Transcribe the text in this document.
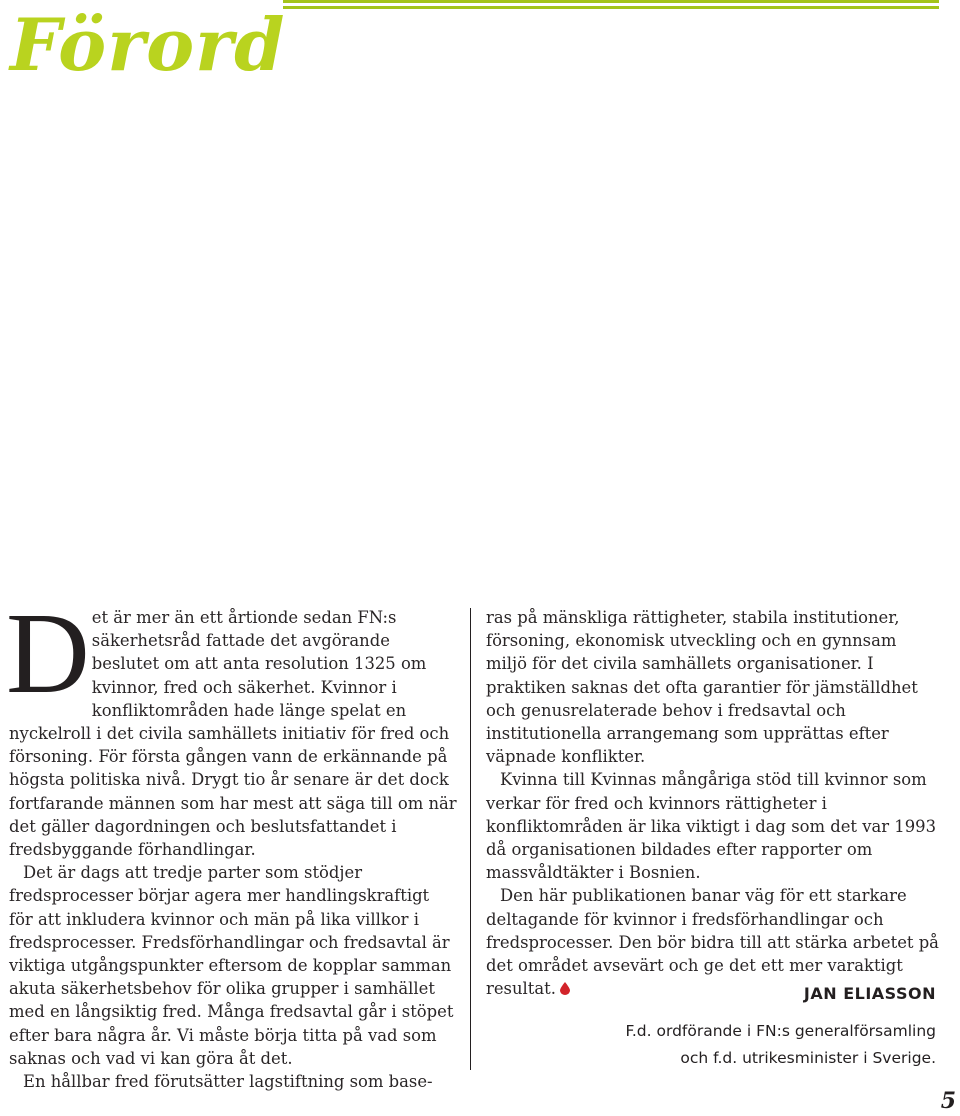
Förord

Det är mer än ett årtionde sedan FN:s säkerhetsråd fattade det avgörande beslutet om att anta resolution 1325 om kvinnor, fred och säkerhet. Kvinnor i konfliktområden hade länge spelat en nyckelroll i det civila samhällets initiativ för fred och försoning. För första gången vann de erkännande på högsta politiska nivå. Drygt tio år senare är det dock fortfarande männen som har mest att säga till om när det gäller dagordningen och beslutsfattandet i fredsbyggande förhandlingar.

Det är dags att tredje parter som stödjer fredsprocesser börjar agera mer handlingskraftigt för att inkludera kvinnor och män på lika villkor i fredsprocesser. Fredsförhandlingar och fredsavtal är viktiga utgångspunkter eftersom de kopplar samman akuta säkerhetsbehov för olika grupper i samhället med en långsiktig fred. Många fredsavtal går i stöpet efter bara några år. Vi måste börja titta på vad som saknas och vad vi kan göra åt det.

En hållbar fred förutsätter lagstiftning som base-

ras på mänskliga rättigheter, stabila institutioner, försoning, ekonomisk utveckling och en gynnsam miljö för det civila samhällets organisationer. I praktiken saknas det ofta garantier för jämställdhet och genusrelaterade behov i fredsavtal och institutionella arrangemang som upprättas efter väpnade konflikter.

Kvinna till Kvinnas mångåriga stöd till kvinnor som verkar för fred och kvinnors rättigheter i konfliktområden är lika viktigt i dag som det var 1993 då organisationen bildades efter rapporter om massvåldtäkter i Bosnien.

Den här publikationen banar väg för ett starkare deltagande för kvinnor i fredsförhandlingar och fredsprocesser. Den bör bidra till att stärka arbetet på det området avsevärt och ge det ett mer varaktigt resultat.	JAN ELIASSON

F.d. ordförande i FN:s generalförsamling

och f.d. utrikesminister i Sverige.

5
